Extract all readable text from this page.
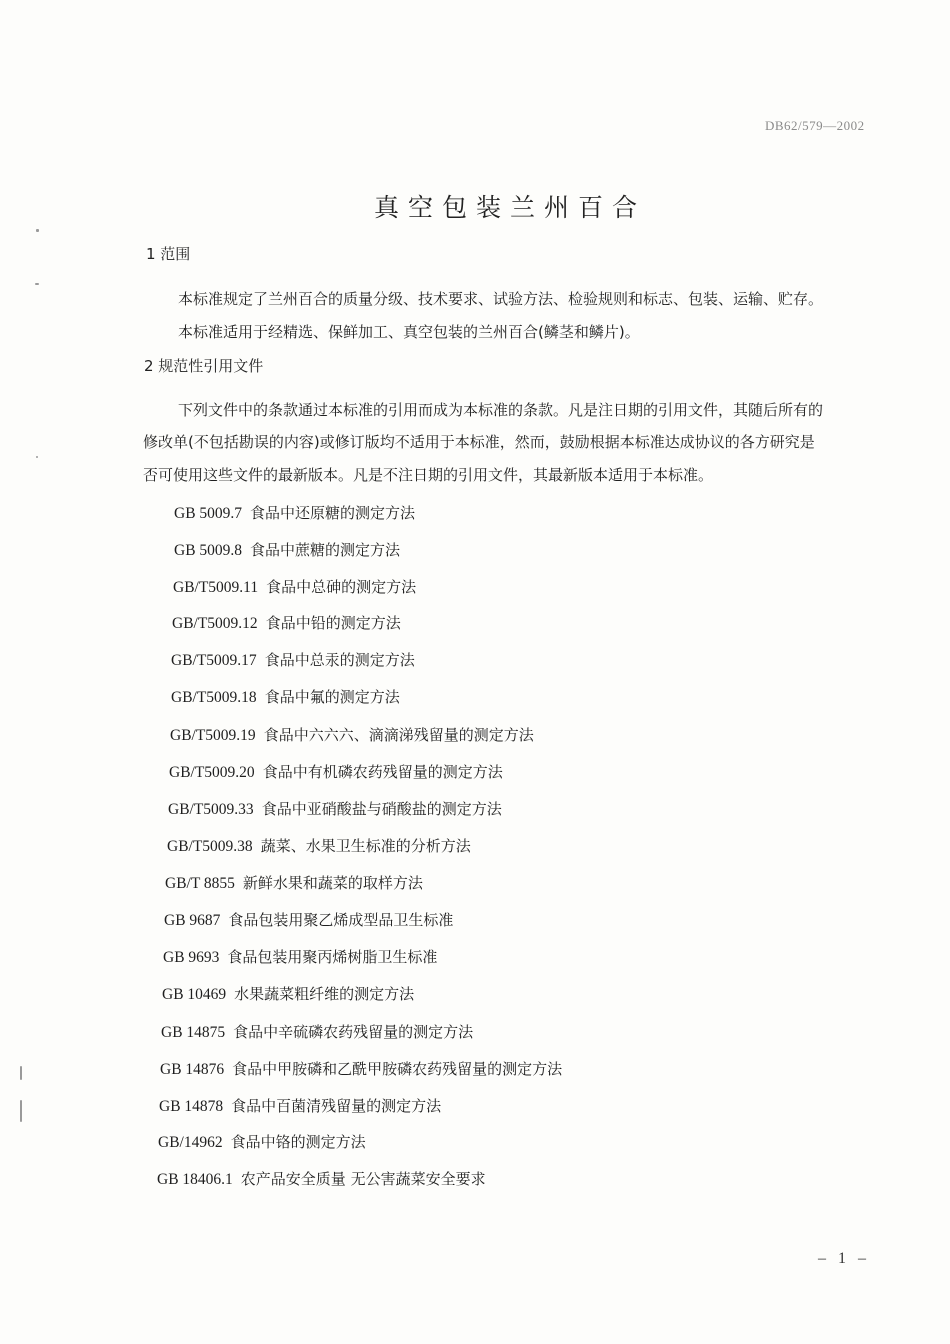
DB62/579—2002
真空包装兰州百合
1 范围
本标准规定了兰州百合的质量分级、技术要求、试验方法、检验规则和标志、包装、运输、贮存。
本标准适用于经精选、保鲜加工、真空包装的兰州百合(鳞茎和鳞片)。
2 规范性引用文件
下列文件中的条款通过本标准的引用而成为本标准的条款。凡是注日期的引用文件，其随后所有的
修改单(不包括勘误的内容)或修订版均不适用于本标准，然而，鼓励根据本标准达成协议的各方研究是
否可使用这些文件的最新版本。凡是不注日期的引用文件，其最新版本适用于本标准。
GB 5009.7 食品中还原糖的测定方法
GB 5009.8 食品中蔗糖的测定方法
GB/T5009.11 食品中总砷的测定方法
GB/T5009.12 食品中铅的测定方法
GB/T5009.17 食品中总汞的测定方法
GB/T5009.18 食品中氟的测定方法
GB/T5009.19 食品中六六六、滴滴涕残留量的测定方法
GB/T5009.20 食品中有机磷农药残留量的测定方法
GB/T5009.33 食品中亚硝酸盐与硝酸盐的测定方法
GB/T5009.38 蔬菜、水果卫生标准的分析方法
GB/T 8855 新鲜水果和蔬菜的取样方法
GB 9687 食品包装用聚乙烯成型品卫生标准
GB 9693 食品包装用聚丙烯树脂卫生标准
GB 10469 水果蔬菜粗纤维的测定方法
GB 14875 食品中辛硫磷农药残留量的测定方法
GB 14876 食品中甲胺磷和乙酰甲胺磷农药残留量的测定方法
GB 14878 食品中百菌清残留量的测定方法
GB/14962 食品中铬的测定方法
GB 18406.1 农产品安全质量 无公害蔬菜安全要求
– 1 –
